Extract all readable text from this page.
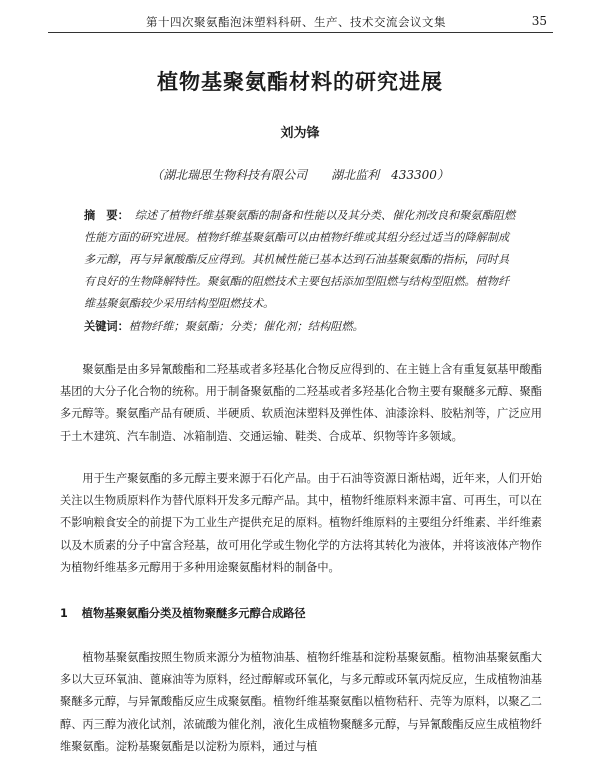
第十四次聚氨酯泡沫塑料科研、生产、技术交流会议文集	35
植物基聚氨酯材料的研究进展
刘为锋
（湖北瑞思生物科技有限公司　　湖北监利　433300）
摘　要： 综述了植物纤维基聚氨酯的制备和性能以及其分类、催化剂改良和聚氨酯阻燃性能方面的研究进展。植物纤维基聚氨酯可以由植物纤维或其组分经过适当的降解制成多元醇，再与异氰酸酯反应得到。其机械性能已基本达到石油基聚氨酯的指标，同时具有良好的生物降解特性。聚氨酯的阻燃技术主要包括添加型阻燃与结构型阻燃。植物纤维基聚氨酯较少采用结构型阻燃技术。
关键词：植物纤维；聚氨酯；分类；催化剂；结构阻燃。

聚氨酯是由多异氰酸酯和二羟基或者多羟基化合物反应得到的、在主链上含有重复氨基甲酸酯基团的大分子化合物的统称。用于制备聚氨酯的二羟基或者多羟基化合物主要有聚醚多元醇、聚酯多元醇等。聚氨酯产品有硬质、半硬质、软质泡沫塑料及弹性体、油漆涂料、胶粘剂等，广泛应用于土木建筑、汽车制造、冰箱制造、交通运输、鞋类、合成革、织物等许多领域。

用于生产聚氨酯的多元醇主要来源于石化产品。由于石油等资源日渐枯竭，近年来，人们开始关注以生物质原料作为替代原料开发多元醇产品。其中，植物纤维原料来源丰富、可再生，可以在不影响粮食安全的前提下为工业生产提供充足的原料。植物纤维原料的主要组分纤维素、半纤维素以及木质素的分子中富含羟基，故可用化学或生物化学的方法将其转化为液体，并将该液体产物作为植物纤维基多元醇用于多种用途聚氨酯材料的制备中。

1 植物基聚氨酯分类及植物聚醚多元醇合成路径

植物基聚氨酯按照生物质来源分为植物油基、植物纤维基和淀粉基聚氨酯。植物油基聚氨酯大多以大豆环氧油、蓖麻油等为原料，经过醇解或环氧化，与多元醇或环氧丙烷反应，生成植物油基聚醚多元醇，与异氰酸酯反应生成聚氨酯。植物纤维基聚氨酯以植物秸秆、壳等为原料，以聚乙二醇、丙三醇为液化试剂，浓硫酸为催化剂，液化生成植物聚醚多元醇，与异氰酸酯反应生成植物纤维聚氨酯。淀粉基聚氨酯是以淀粉为原料，通过与植
